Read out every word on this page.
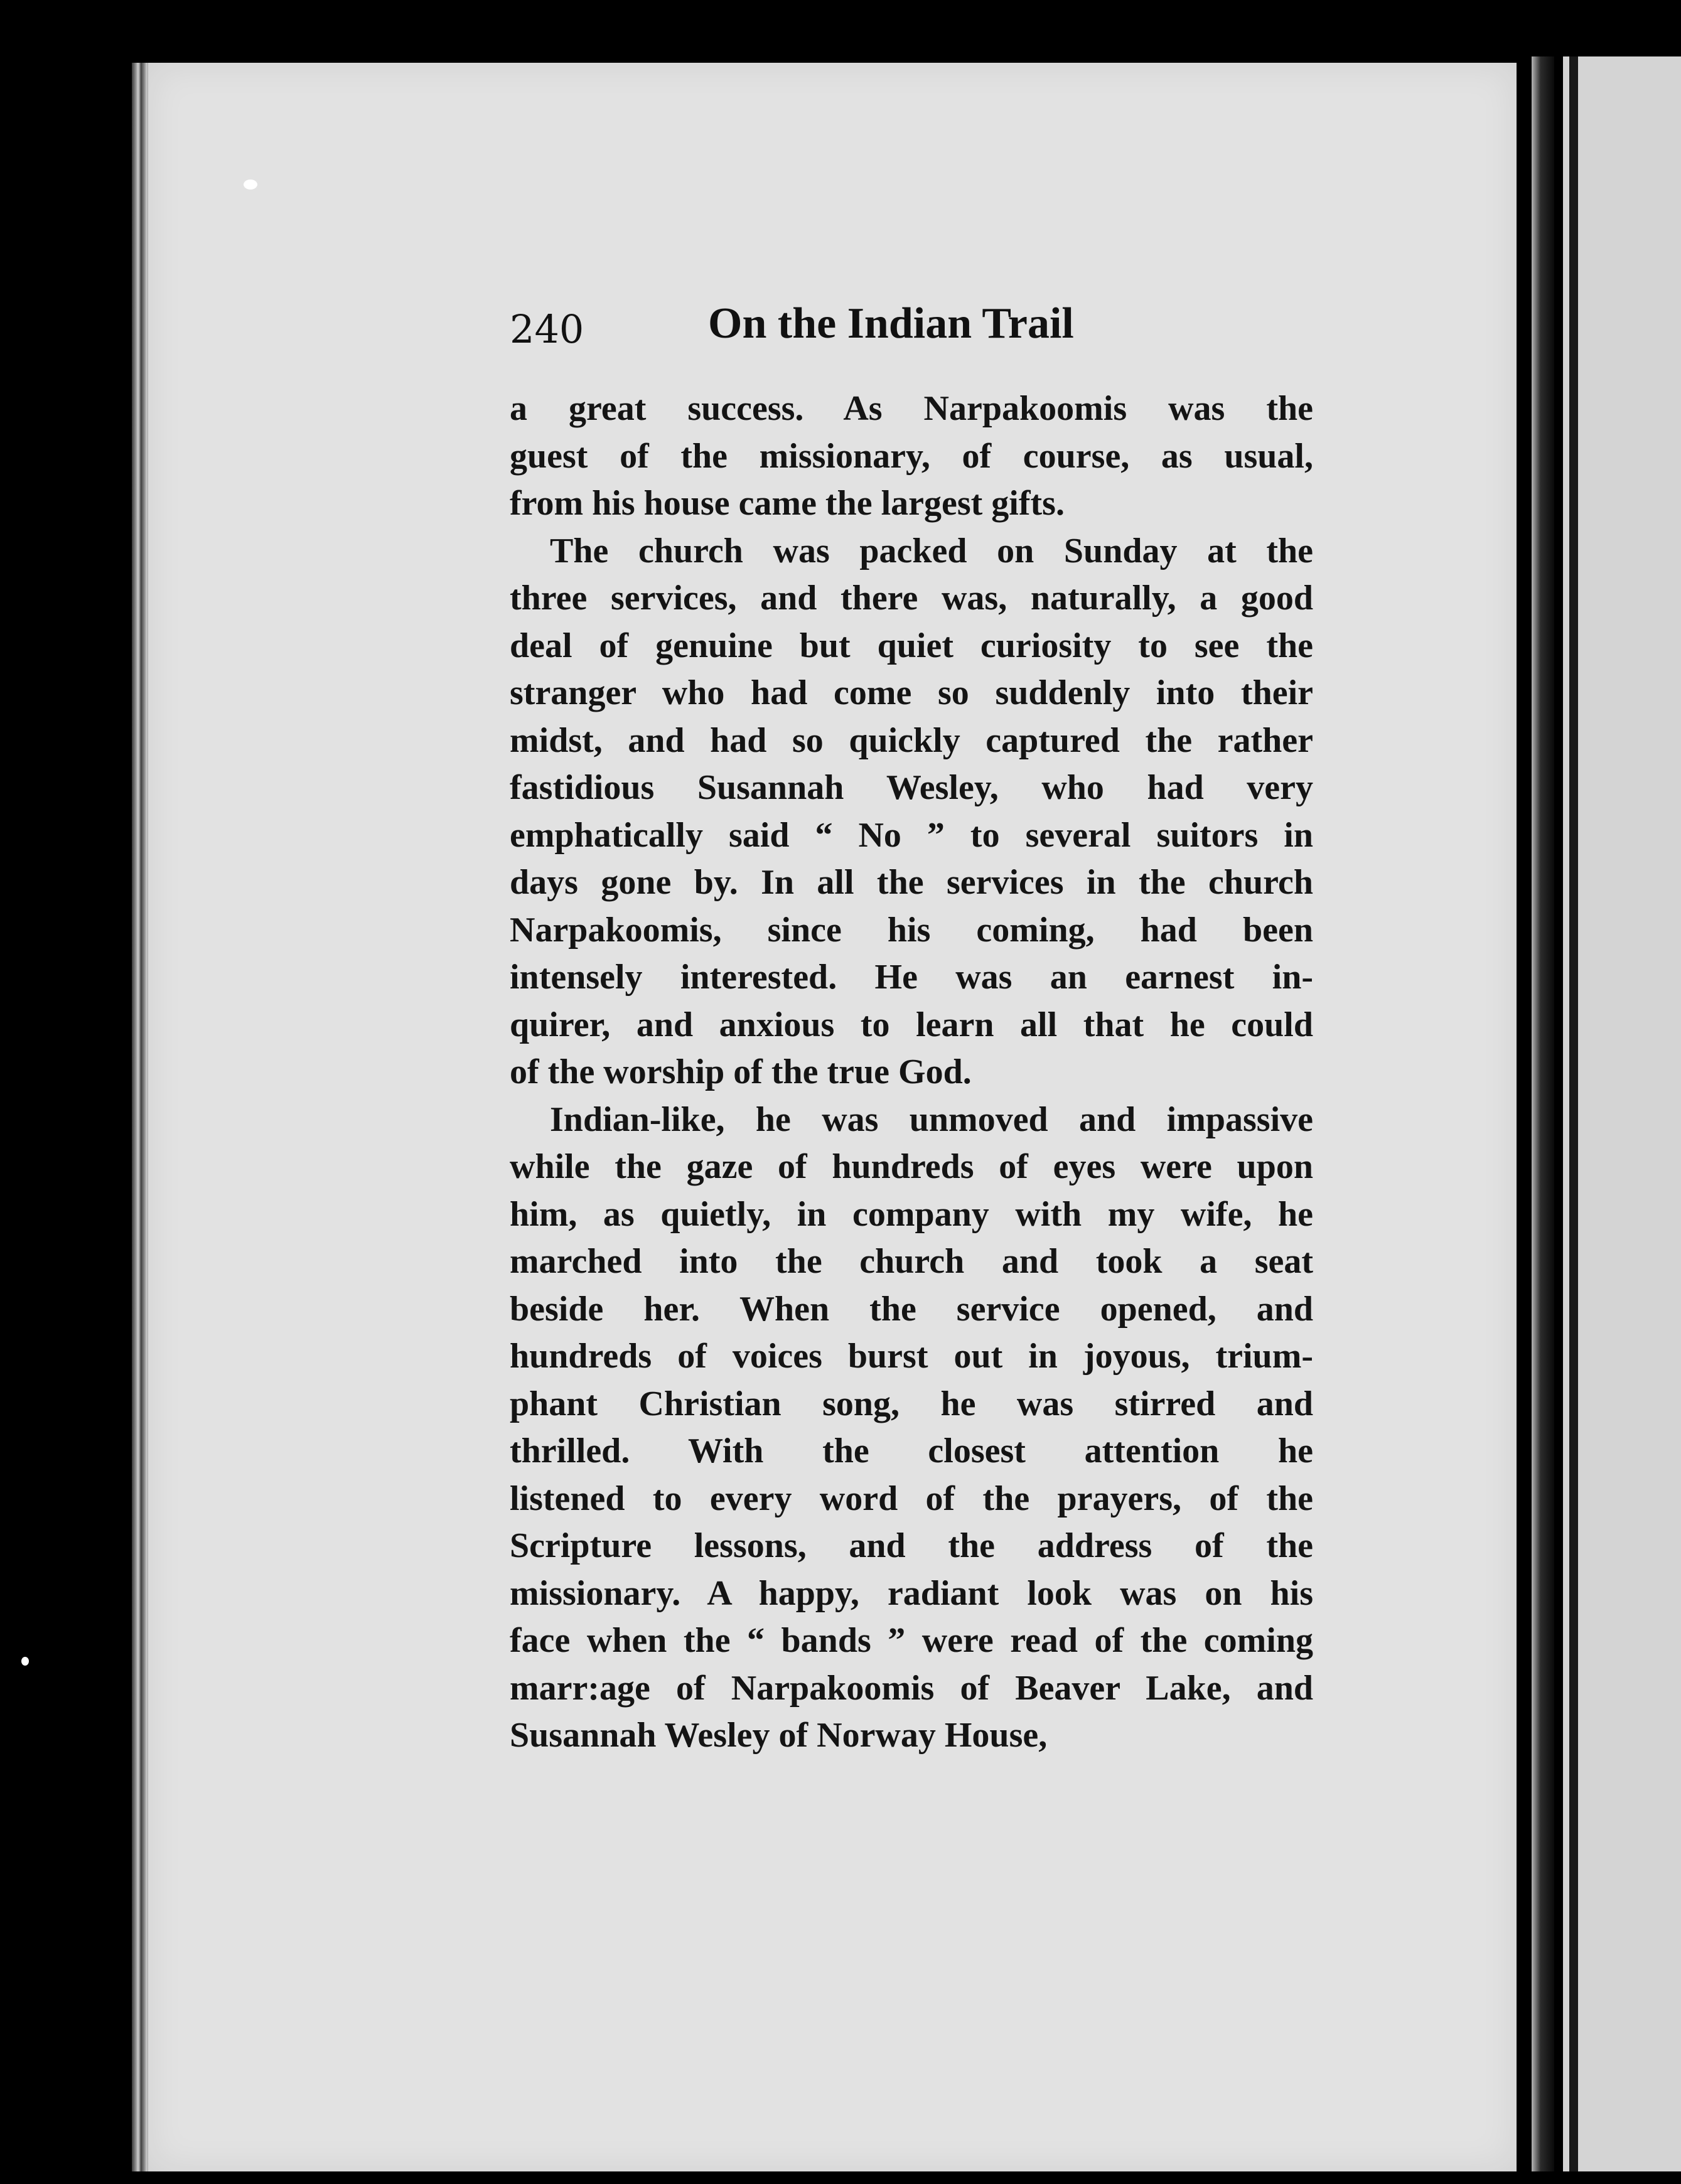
240	On the Indian Trail

a great success. As Narpakoomis was the
guest of the missionary, of course, as usual,
from his house came the largest gifts.

The church was packed on Sunday at the
three services, and there was, naturally, a good
deal of genuine but quiet curiosity to see the
stranger who had come so suddenly into their
midst, and had so quickly captured the rather
fastidious Susannah Wesley, who had very
emphatically said “ No ” to several suitors in
days gone by. In all the services in the church
Narpakoomis, since his coming, had been
intensely interested. He was an earnest in-
quirer, and anxious to learn all that he could
of the worship of the true God.

Indian-like, he was unmoved and impassive
while the gaze of hundreds of eyes were upon
him, as quietly, in company with my wife, he
marched into the church and took a seat
beside her. When the service opened, and
hundreds of voices burst out in joyous, trium-
phant Christian song, he was stirred and
thrilled. With the closest attention he
listened to every word of the prayers, of the
Scripture lessons, and the address of the
missionary. A happy, radiant look was on his
face when the “ bands ” were read of the coming
marr:age of Narpakoomis of Beaver Lake, and
Susannah Wesley of Norway House,
